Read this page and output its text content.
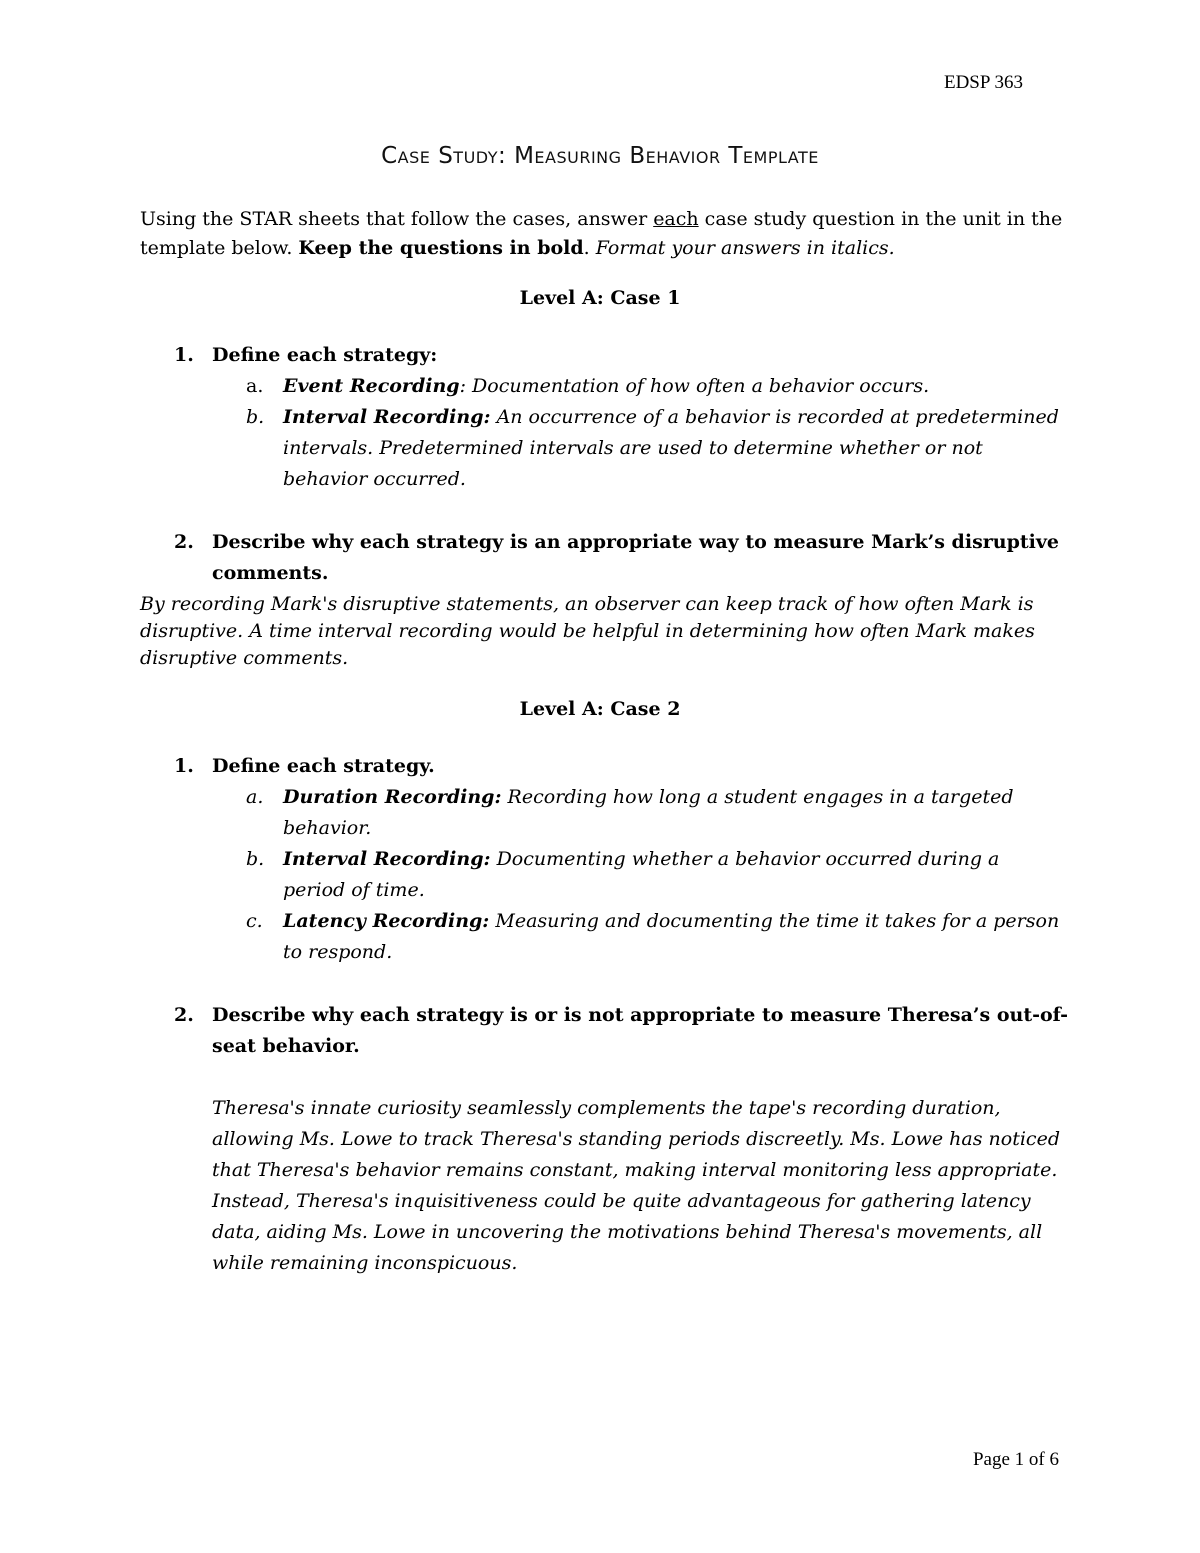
EDSP 363
Case Study: Measuring Behavior Template
Using the STAR sheets that follow the cases, answer each case study question in the unit in the template below. Keep the questions in bold. Format your answers in italics.
Level A: Case 1
1. Define each strategy:
a. Event Recording: Documentation of how often a behavior occurs.
b. Interval Recording: An occurrence of a behavior is recorded at predetermined intervals. Predetermined intervals are used to determine whether or not behavior occurred.
2. Describe why each strategy is an appropriate way to measure Mark’s disruptive comments.
By recording Mark's disruptive statements, an observer can keep track of how often Mark is disruptive. A time interval recording would be helpful in determining how often Mark makes disruptive comments.
Level A: Case 2
1. Define each strategy.
a. Duration Recording: Recording how long a student engages in a targeted behavior.
b. Interval Recording: Documenting whether a behavior occurred during a period of time.
c. Latency Recording: Measuring and documenting the time it takes for a person to respond.
2. Describe why each strategy is or is not appropriate to measure Theresa’s out-of-seat behavior.
Theresa's innate curiosity seamlessly complements the tape's recording duration, allowing Ms. Lowe to track Theresa's standing periods discreetly. Ms. Lowe has noticed that Theresa's behavior remains constant, making interval monitoring less appropriate. Instead, Theresa's inquisitiveness could be quite advantageous for gathering latency data, aiding Ms. Lowe in uncovering the motivations behind Theresa's movements, all while remaining inconspicuous.
Page 1 of 6
